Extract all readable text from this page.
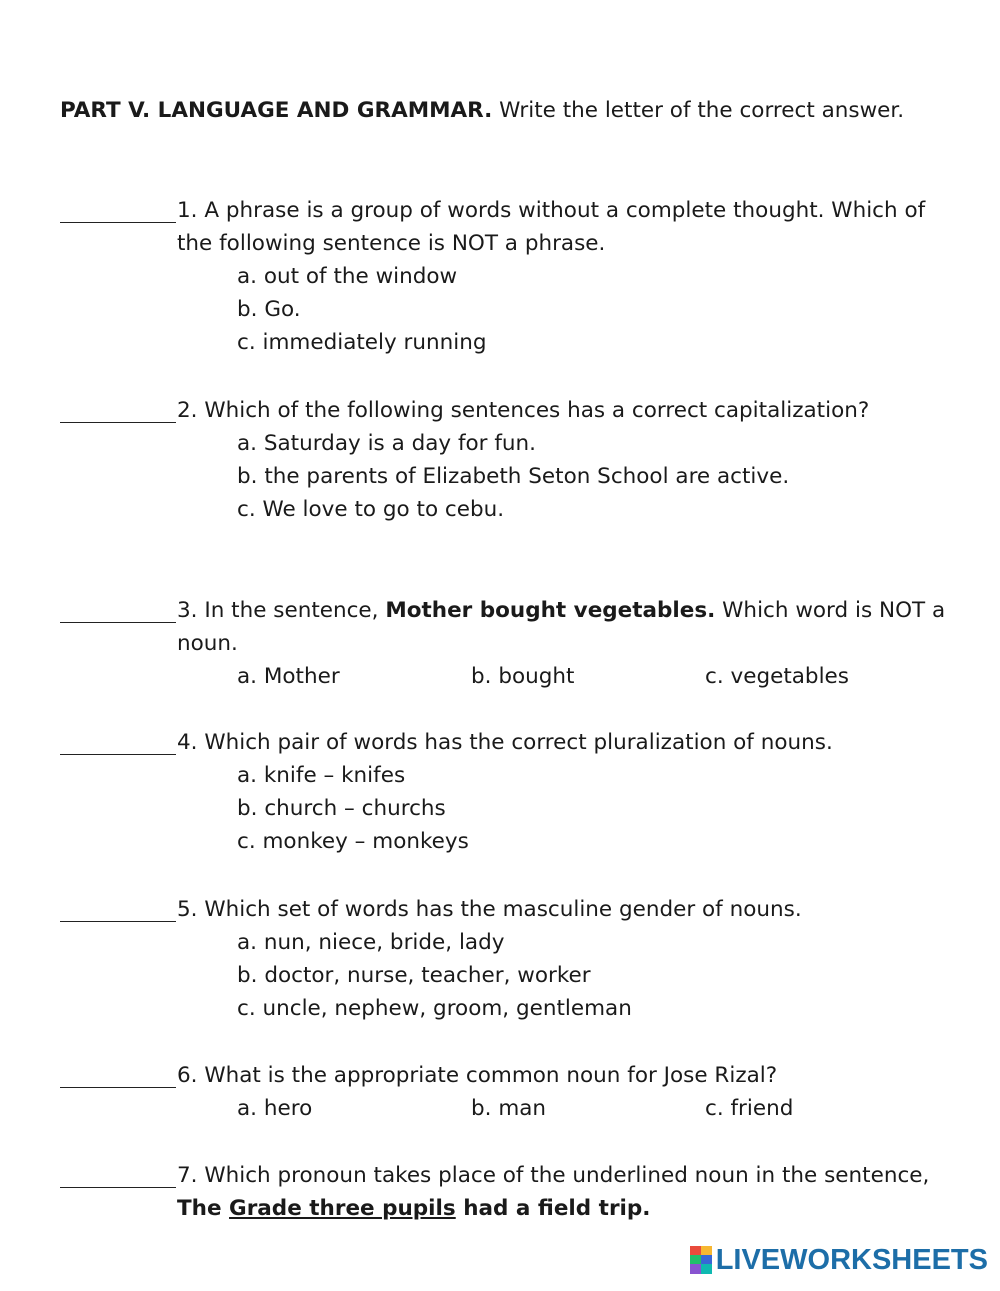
PART V. LANGUAGE AND GRAMMAR. Write the letter of the correct answer.
1. A phrase is a group of words without a complete thought. Which of the following sentence is NOT a phrase.
a. out of the window
b. Go.
c. immediately running
2. Which of the following sentences has a correct capitalization?
a. Saturday is a day for fun.
b. the parents of Elizabeth Seton School are active.
c. We love to go to cebu.
3. In the sentence, Mother bought vegetables. Which word is NOT a noun.
a. Mother	b. bought	c. vegetables
4. Which pair of words has the correct pluralization of nouns.
a. knife – knifes
b. church – churchs
c. monkey – monkeys
5. Which set of words has the masculine gender of nouns.
a. nun, niece, bride, lady
b. doctor, nurse, teacher, worker
c. uncle, nephew, groom, gentleman
6. What is the appropriate common noun for Jose Rizal?
a. hero	b. man	c. friend
7. Which pronoun takes place of the underlined noun in the sentence, The Grade three pupils had a field trip.
LIVEWORKSHEETS
